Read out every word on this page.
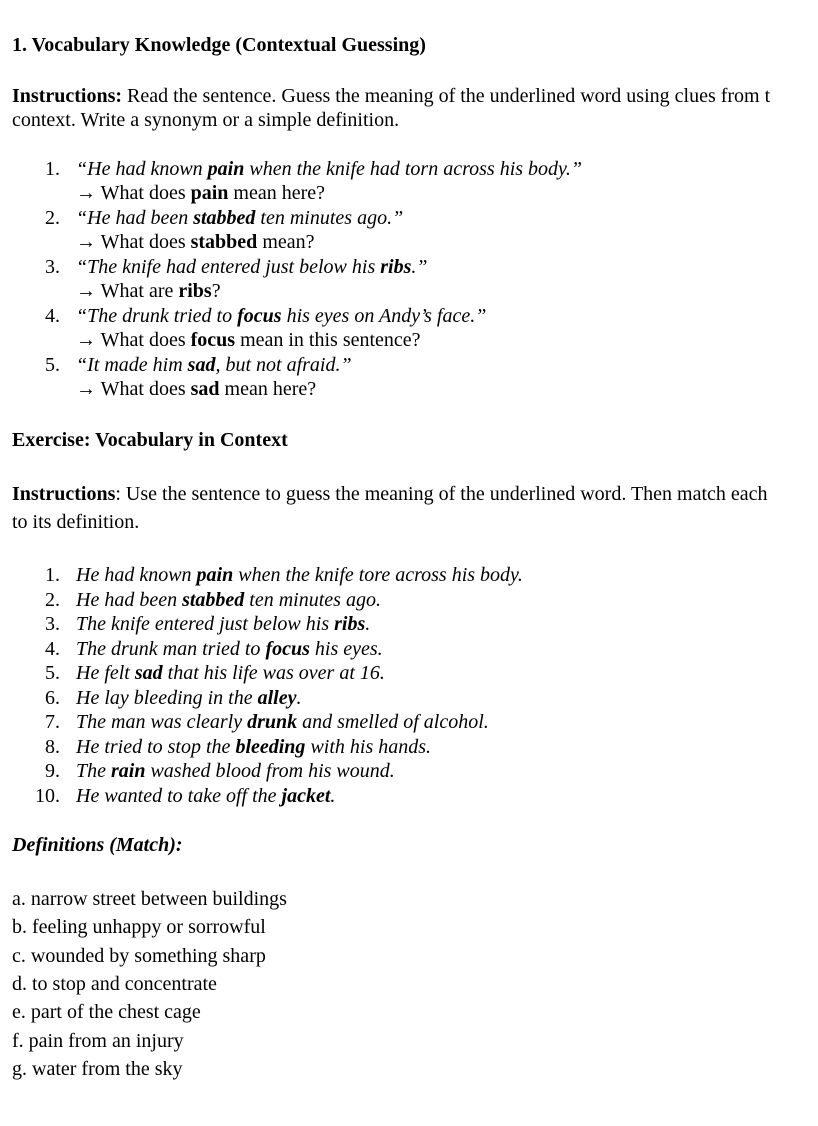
1. Vocabulary Knowledge (Contextual Guessing)
Instructions: Read the sentence. Guess the meaning of the underlined word using clues from t
context. Write a synonym or a simple definition.
1. “He had known pain when the knife had torn across his body.”
→ What does pain mean here?
2. “He had been stabbed ten minutes ago.”
→ What does stabbed mean?
3. “The knife had entered just below his ribs.”
→ What are ribs?
4. “The drunk tried to focus his eyes on Andy’s face.”
→ What does focus mean in this sentence?
5. “It made him sad, but not afraid.”
→ What does sad mean here?
Exercise: Vocabulary in Context
Instructions: Use the sentence to guess the meaning of the underlined word. Then match each
to its definition.
1. He had known pain when the knife tore across his body.
2. He had been stabbed ten minutes ago.
3. The knife entered just below his ribs.
4. The drunk man tried to focus his eyes.
5. He felt sad that his life was over at 16.
6. He lay bleeding in the alley.
7. The man was clearly drunk and smelled of alcohol.
8. He tried to stop the bleeding with his hands.
9. The rain washed blood from his wound.
10. He wanted to take off the jacket.
Definitions (Match):
a. narrow street between buildings
b. feeling unhappy or sorrowful
c. wounded by something sharp
d. to stop and concentrate
e. part of the chest cage
f. pain from an injury
g. water from the sky
